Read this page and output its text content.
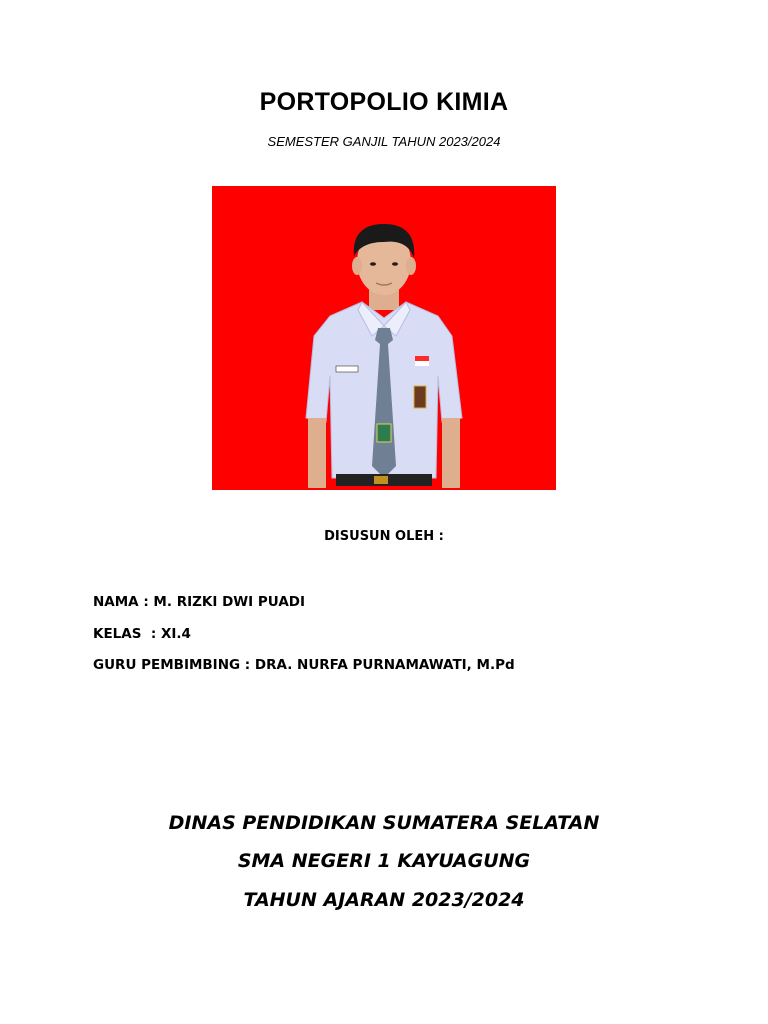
PORTOPOLIO KIMIA
SEMESTER GANJIL TAHUN 2023/2024
DISUSUN OLEH :
NAMA : M. RIZKI DWI PUADI
KELAS  : XI.4
GURU PEMBIMBING : DRA. NURFA PURNAMAWATI, M.Pd
DINAS PENDIDIKAN SUMATERA SELATAN
SMA NEGERI 1 KAYUAGUNG
TAHUN AJARAN 2023/2024
